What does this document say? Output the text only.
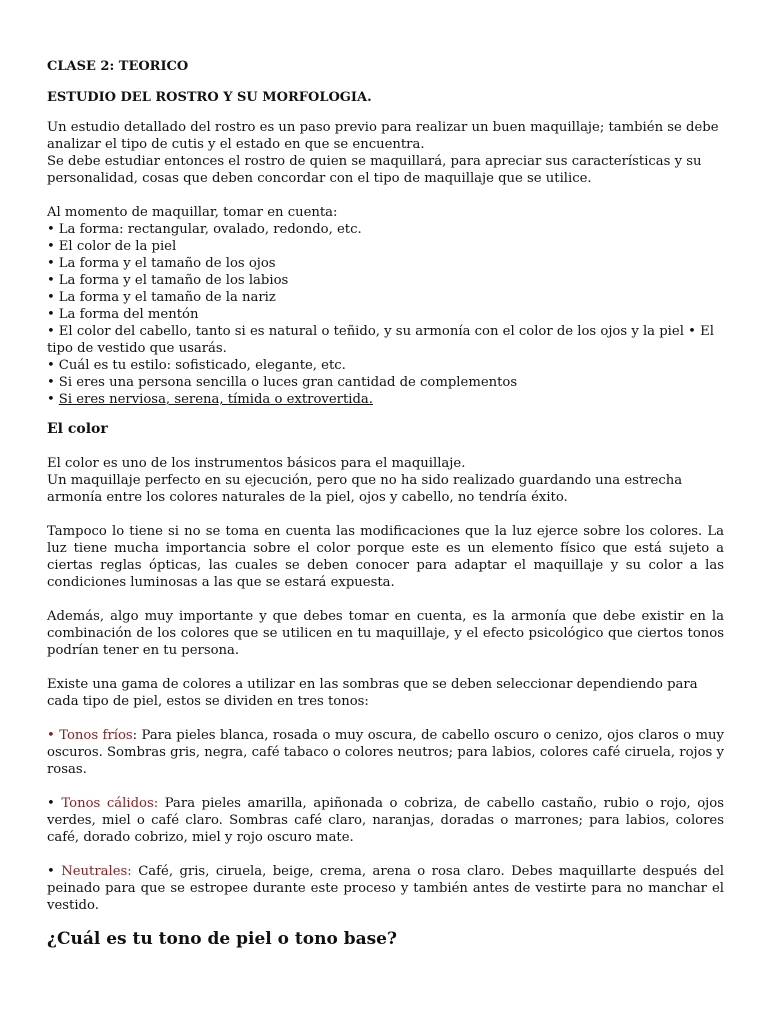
CLASE 2: TEORICO

ESTUDIO DEL ROSTRO Y SU MORFOLOGIA.

Un estudio detallado del rostro es un paso previo para realizar un buen maquillaje; también se debe analizar el tipo de cutis y el estado en que se encuentra.

Se debe estudiar entonces el rostro de quien se maquillará, para apreciar sus características y su personalidad, cosas que deben concordar con el tipo de maquillaje que se utilice.

Al momento de maquillar, tomar en cuenta:

• La forma: rectangular, ovalado, redondo, etc.
• El color de la piel
• La forma y el tamaño de los ojos
• La forma y el tamaño de los labios
• La forma y el tamaño de la nariz
• La forma del mentón
• El color del cabello, tanto si es natural o teñido, y su armonía con el color de los ojos y la piel • El tipo de vestido que usarás.
• Cuál es tu estilo: sofisticado, elegante, etc.
• Si eres una persona sencilla o luces gran cantidad de complementos
• Si eres nerviosa, serena, tímida o extrovertida.

El color

El color es uno de los instrumentos básicos para el maquillaje.

Un maquillaje perfecto en su ejecución, pero que no ha sido realizado guardando una estrecha armonía entre los colores naturales de la piel, ojos y cabello, no tendría éxito.

Tampoco lo tiene si no se toma en cuenta las modificaciones que la luz ejerce sobre los colores. La luz tiene mucha importancia sobre el color porque este es un elemento físico que está sujeto a ciertas reglas ópticas, las cuales se deben conocer para adaptar el maquillaje y su color a las condiciones luminosas a las que se estará expuesta.

Además, algo muy importante y que debes tomar en cuenta, es la armonía que debe existir en la combinación de los colores que se utilicen en tu maquillaje, y el efecto psicológico que ciertos tonos podrían tener en tu persona.

Existe una gama de colores a utilizar en las sombras que se deben seleccionar dependiendo para cada tipo de piel, estos se dividen en tres tonos:

• Tonos fríos: Para pieles blanca, rosada o muy oscura, de cabello oscuro o cenizo, ojos claros o muy oscuros. Sombras gris, negra, café tabaco o colores neutros; para labios, colores café ciruela, rojos y rosas.

• Tonos cálidos: Para pieles amarilla, apiñonada o cobriza, de cabello castaño, rubio o rojo, ojos verdes, miel o café claro. Sombras café claro, naranjas, doradas o marrones; para labios, colores café, dorado cobrizo, miel y rojo oscuro mate.

• Neutrales: Café, gris, ciruela, beige, crema, arena o rosa claro. Debes maquillarte después del peinado para que se estropee durante este proceso y también antes de vestirte para no manchar el vestido.

¿Cuál es tu tono de piel o tono base?
